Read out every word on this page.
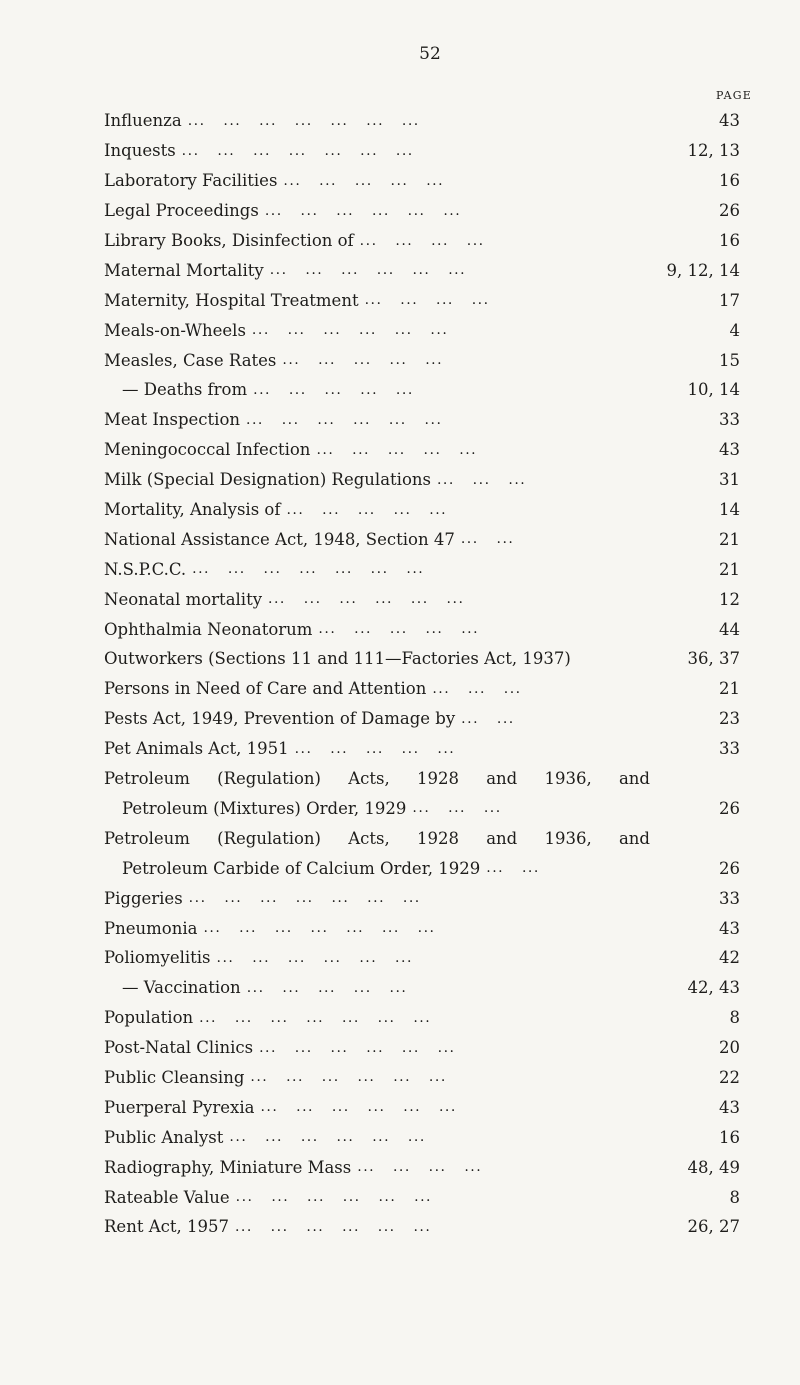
52
PAGE
Influenza ...   ...   ...   ...   ...   ...   ...	43
Inquests ...   ...   ...   ...   ...   ...   ...	12, 13
Laboratory Facilities ...   ...   ...   ...   ...	16
Legal Proceedings ...   ...   ...   ...   ...   ...	26
Library Books, Disinfection of ...   ...   ...   ...	16
Maternal Mortality ...   ...   ...   ...   ...   ...	9, 12, 14
Maternity, Hospital Treatment ...   ...   ...   ...	17
Meals-on-Wheels ...   ...   ...   ...   ...   ...	4
Measles, Case Rates ...   ...   ...   ...   ...	15
— Deaths from ...   ...   ...   ...   ...	10, 14
Meat Inspection ...   ...   ...   ...   ...   ...	33
Meningococcal Infection ...   ...   ...   ...   ...	43
Milk (Special Designation) Regulations ...   ...   ...	31
Mortality, Analysis of ...   ...   ...   ...   ...	14
National Assistance Act, 1948, Section 47 ...   ...	21
N.S.P.C.C. ...   ...   ...   ...   ...   ...   ...	21
Neonatal mortality ...   ...   ...   ...   ...   ...	12
Ophthalmia Neonatorum ...   ...   ...   ...   ...	44
Outworkers (Sections 11 and 111—Factories Act, 1937)	36, 37
Persons in Need of Care and Attention ...   ...   ...	21
Pests Act, 1949, Prevention of Damage by ...   ...	23
Pet Animals Act, 1951 ...   ...   ...   ...   ...	33
Petroleum (Regulation) Acts, 1928 and 1936, and
Petroleum (Mixtures) Order, 1929 ...   ...   ...	26
Petroleum (Regulation) Acts, 1928 and 1936, and
Petroleum Carbide of Calcium Order, 1929 ...   ...	26
Piggeries ...   ...   ...   ...   ...   ...   ...	33
Pneumonia ...   ...   ...   ...   ...   ...   ...	43
Poliomyelitis ...   ...   ...   ...   ...   ...	42
— Vaccination ...   ...   ...   ...   ...	42, 43
Population ...   ...   ...   ...   ...   ...   ...	8
Post-Natal Clinics ...   ...   ...   ...   ...   ...	20
Public Cleansing ...   ...   ...   ...   ...   ...	22
Puerperal Pyrexia ...   ...   ...   ...   ...   ...	43
Public Analyst ...   ...   ...   ...   ...   ...	16
Radiography, Miniature Mass ...   ...   ...   ...	48, 49
Rateable Value ...   ...   ...   ...   ...   ...	8
Rent Act, 1957 ...   ...   ...   ...   ...   ...	26, 27
